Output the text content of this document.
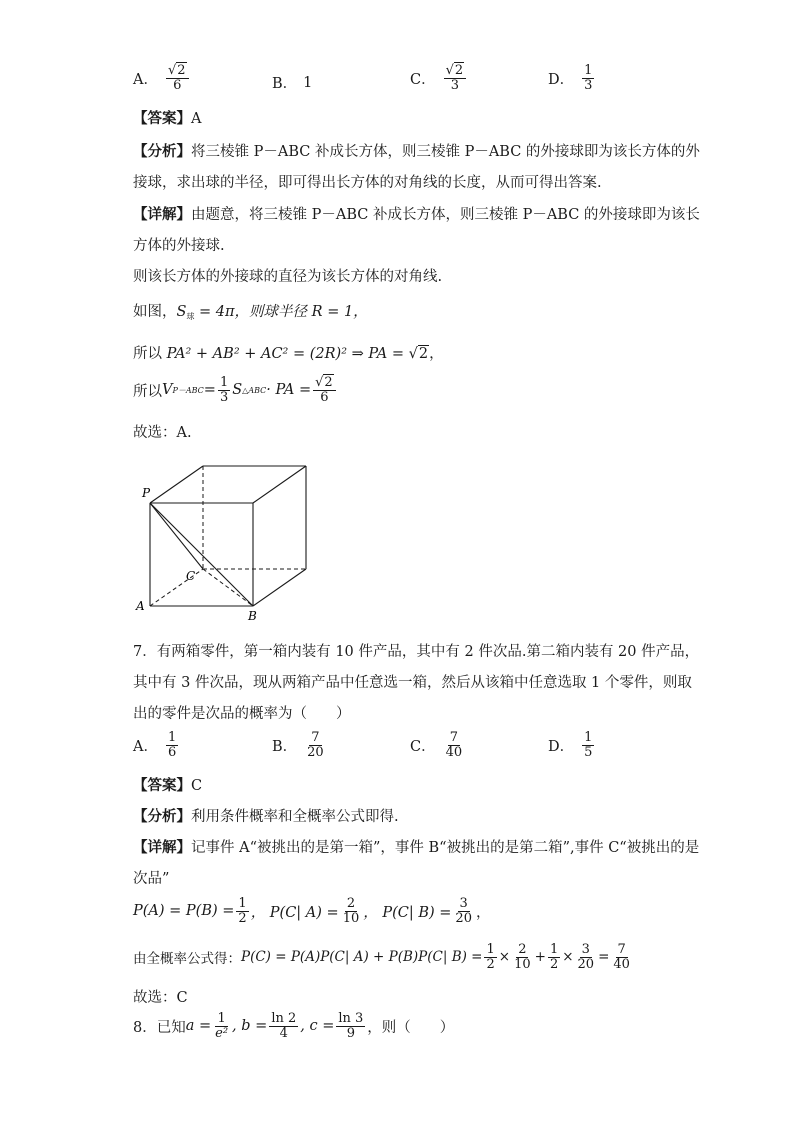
A． $\frac{√2}{6}$	B． 1	C． $\frac{√2}{3}$	D． $\frac{1}{3}$
【答案】A
【分析】将三棱锥 P－ABC 补成长方体，则三棱锥 P－ABC 的外接球即为该长方体的外
接球，求出球的半径，即可得出长方体的对角线的长度，从而可得出答案.
【详解】由题意，将三棱锥 P－ABC 补成长方体，则三棱锥 P－ABC 的外接球即为该长
方体的外接球.
则该长方体的外接球的直径为该长方体的对角线.
如图，$S_球 = 4\pi$，则球半径 R = 1，
所以 PA² + AB² + AC² = (2R)² ⇒ PA = √2，
所以 V $P-ABC = \frac{1}{3}$ S △ABC · PA = $\frac{√2}{6}$
故选：A.
P
A
B
C
7．有两箱零件，第一箱内装有 10 件产品，其中有 2 件次品.第二箱内装有 20 件产品，
其中有 3 件次品，现从两箱产品中任意选一箱，然后从该箱中任意选取 1 个零件，则取
出的零件是次品的概率为（　　）
A． $\frac{1}{6}$	B． $\frac{7}{20}$	C． $\frac{7}{40}$	D． $\frac{1}{5}$
【答案】C
【分析】利用条件概率和全概率公式即得.
【详解】记事件 A“被挑出的是第一箱”，事件 B“被挑出的是第二箱”,事件 C“被挑出的是
次品”
$P(A) = P(B) = \frac{1}{2}$ ， P(C| $A) = \frac{2}{10}$ ， P(C| $B) = \frac{3}{20}$ ，
由全概率公式得： P(C) = P(A)P(C| A) + P(B)P(C| $B) = \frac{1}{2} \times \frac{2}{10} + \frac{1}{2} \times \frac{3}{20} = \frac{7}{40}$
故选：C
8．已知 $a = \frac{1}{\text{e²}}$ , $b = \frac{\ln 2}{4}$ , $c = \frac{\ln 3}{9}$ ，则（　　）
